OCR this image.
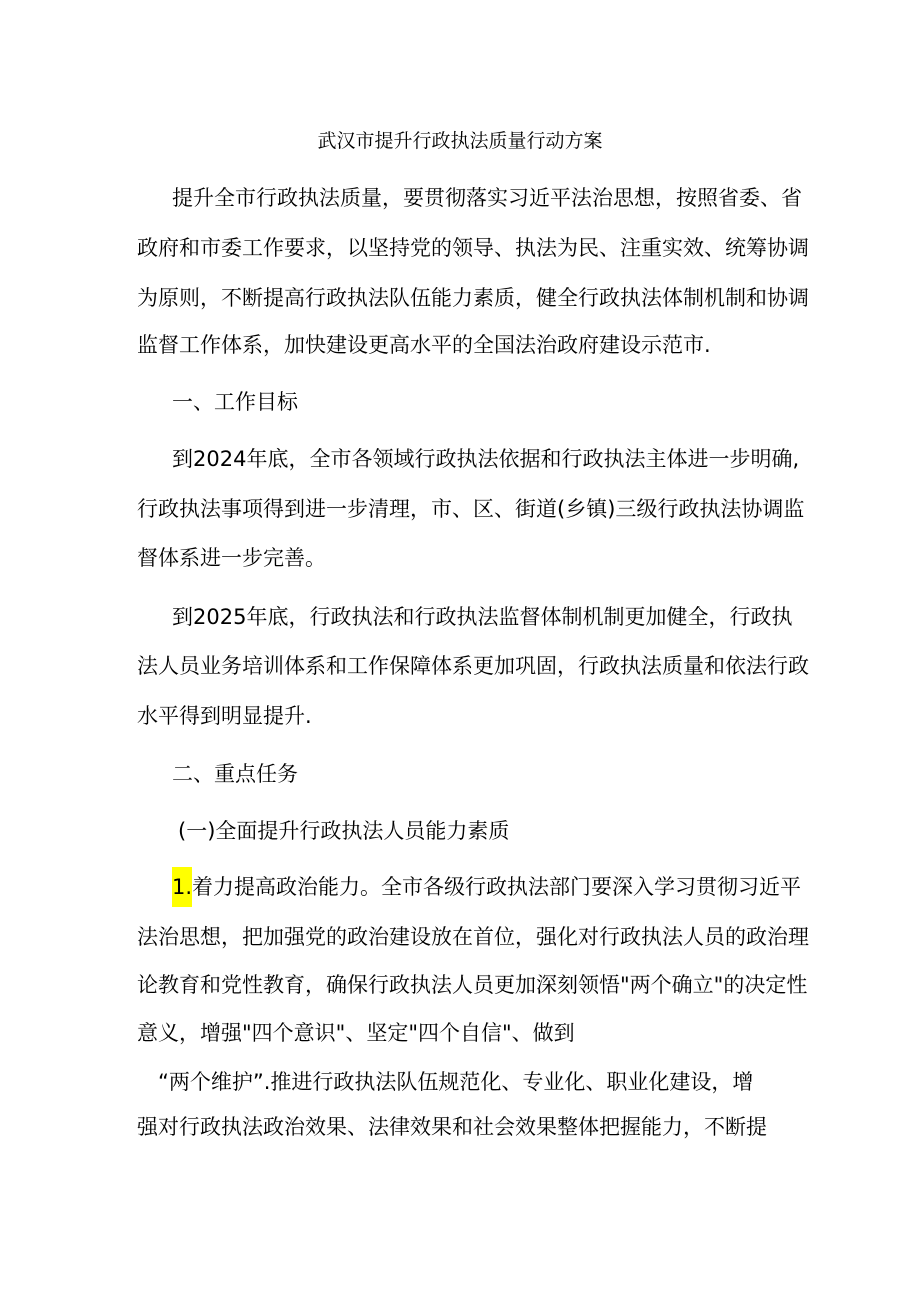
武汉市提升行政执法质量行动方案
提升全市行政执法质量，要贯彻落实习近平法治思想，按照省委、省
政府和市委工作要求，以坚持党的领导、执法为民、注重实效、统筹协调
为原则，不断提高行政执法队伍能力素质，健全行政执法体制机制和协调
监督工作体系，加快建设更高水平的全国法治政府建设示范市.
一、工作目标
到2024年底，全市各领域行政执法依据和行政执法主体进一步明确,
行政执法事项得到进一步清理，市、区、街道(乡镇)三级行政执法协调监
督体系进一步完善。
到2025年底，行政执法和行政执法监督体制机制更加健全，行政执
法人员业务培训体系和工作保障体系更加巩固，行政执法质量和依法行政
水平得到明显提升.
二、重点任务
(一)全面提升行政执法人员能力素质
1.着力提高政治能力。全市各级行政执法部门要深入学习贯彻习近平
法治思想，把加强党的政治建设放在首位，强化对行政执法人员的政治理
论教育和党性教育，确保行政执法人员更加深刻领悟"两个确立"的决定性
意义，增强"四个意识"、坚定"四个自信"、做到
“两个维护”.推进行政执法队伍规范化、专业化、职业化建设，增
强对行政执法政治效果、法律效果和社会效果整体把握能力，不断提
